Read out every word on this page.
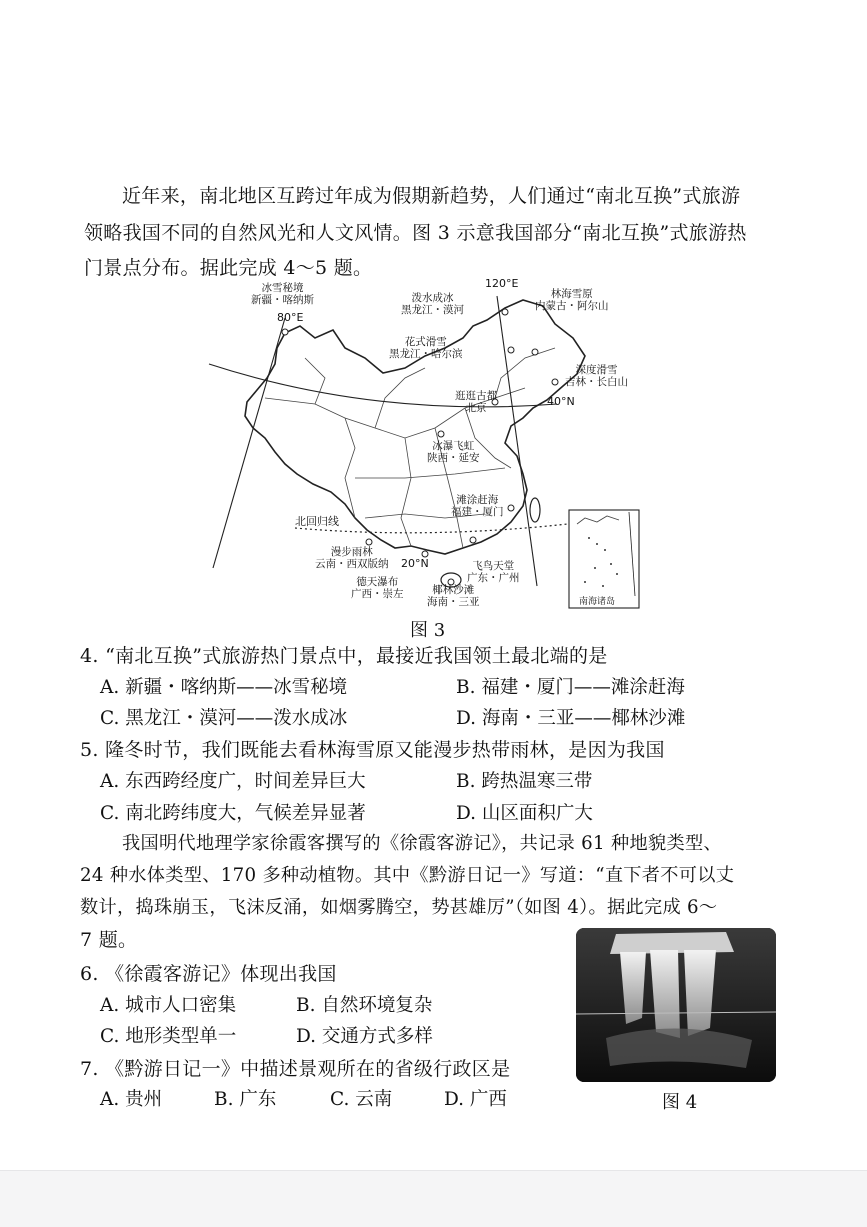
近年来，南北地区互跨过年成为假期新趋势，人们通过“南北互换”式旅游
领略我国不同的自然风光和人文风情。图 3 示意我国部分“南北互换”式旅游热
门景点分布。据此完成 4～5 题。
冰雪秘境
新疆・喀纳斯
80°E
120°E
泼水成冰
黑龙江・漠河
林海雪原
内蒙古・阿尔山
花式滑雪
黑龙江・哈尔滨
深度滑雪
吉林・长白山
40°N
逛逛古都
北京
冰瀑飞虹
陕西・延安
滩涂赶海
福建・厦门
北回归线
漫步雨林
云南・西双版纳 20°N	飞鸟天堂
广东・广州
德天瀑布
广西・崇左	椰林沙滩
海南・三亚	南海诸岛
图 3
4. “南北互换”式旅游热门景点中，最接近我国领土最北端的是
A. 新疆・喀纳斯——冰雪秘境	B. 福建・厦门——滩涂赶海
C. 黑龙江・漠河——泼水成冰	D. 海南・三亚——椰林沙滩
5. 隆冬时节，我们既能去看林海雪原又能漫步热带雨林，是因为我国
A. 东西跨经度广，时间差异巨大	B. 跨热温寒三带
C. 南北跨纬度大，气候差异显著	D. 山区面积广大
我国明代地理学家徐霞客撰写的《徐霞客游记》，共记录 61 种地貌类型、
24 种水体类型、170 多种动植物。其中《黔游日记一》写道：“直下者不可以丈
数计，捣珠崩玉，飞沫反涌，如烟雾腾空，势甚雄厉”（如图 4）。据此完成 6～
7 题。
6. 《徐霞客游记》体现出我国
A. 城市人口密集	B. 自然环境复杂
C. 地形类型单一	D. 交通方式多样
7. 《黔游日记一》中描述景观所在的省级行政区是
A. 贵州	B. 广东	C. 云南	D. 广西	图 4
